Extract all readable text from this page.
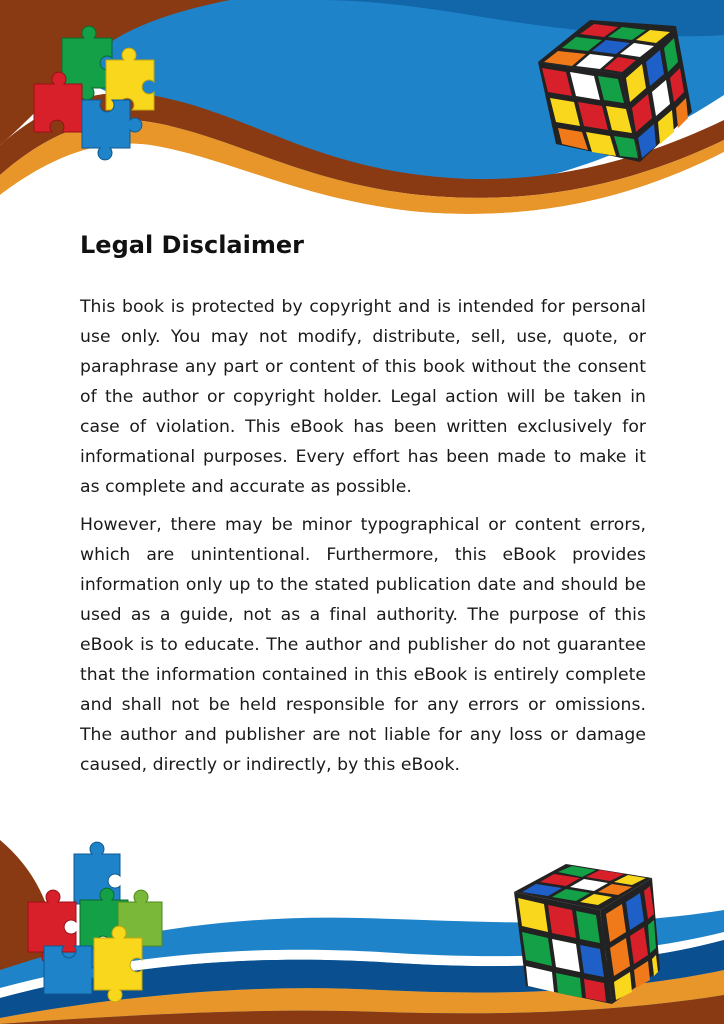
Legal Disclaimer

This book is protected by copyright and is intended for personal use only. You may not modify, distribute, sell, use, quote, or paraphrase any part or content of this book without the consent of the author or copyright holder. Legal action will be taken in case of violation. This eBook has been written exclusively for informational purposes. Every effort has been made to make it as complete and accurate as possible.

However, there may be minor typographical or content errors, which are unintentional. Furthermore, this eBook provides information only up to the stated publication date and should be used as a guide, not as a final authority. The purpose of this eBook is to educate. The author and publisher do not guarantee that the information contained in this eBook is entirely complete and shall not be held responsible for any errors or omissions. The author and publisher are not liable for any loss or damage caused, directly or indirectly, by this eBook.
